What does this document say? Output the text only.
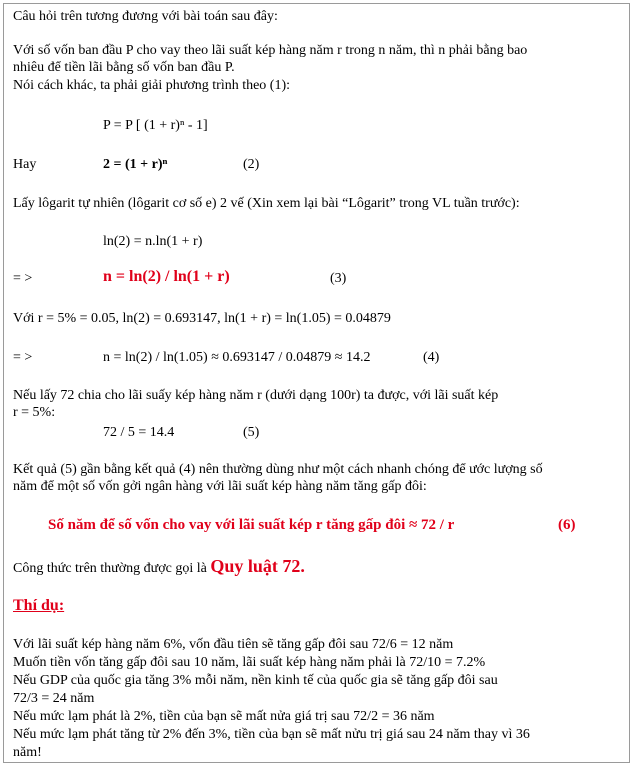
Câu hỏi trên tương đương với bài toán sau đây:
Với số vốn ban đầu P cho vay theo lãi suất kép hàng năm r trong n năm, thì n phải bằng bao
nhiêu để tiền lãi bằng số vốn ban đầu P.
Nói cách khác, ta phải giải phương trình theo (1):
P = P [ (1 + r)ⁿ - 1]
Hay	2 = (1 + r)ⁿ	(2)
Lấy lôgarit tự nhiên (lôgarit cơ số e) 2 vế (Xin xem lại bài “Lôgarit” trong VL tuần trước):
ln(2) = n.ln(1 + r)
= >	n = ln(2) / ln(1 + r)	(3)
Với r = 5% = 0.05, ln(2) = 0.693147, ln(1 + r) = ln(1.05) = 0.04879
= >	n = ln(2) / ln(1.05) ≈ 0.693147 / 0.04879 ≈ 14.2	(4)
Nếu lấy 72 chia cho lãi suấy kép hàng năm r (dưới dạng 100r) ta được, với lãi suất kép
r = 5%:
72 / 5 = 14.4	(5)
Kết quả (5) gần bằng kết quả (4) nên thường dùng như một cách nhanh chóng để ước lượng số
năm để một số vốn gởi ngân hàng với lãi suất kép hàng năm tăng gấp đôi:
Số năm để số vốn cho vay với lãi suất kép r tăng gấp đôi ≈ 72 / r	(6)
Công thức trên thường được gọi là Quy luật 72.
Thí dụ:
Với lãi suất kép hàng năm 6%, vốn đầu tiên sẽ tăng gấp đôi sau 72/6 = 12 năm
Muốn tiền vốn tăng gấp đôi sau 10 năm, lãi suất kép hàng năm phải là 72/10 = 7.2%
Nếu GDP của quốc gia tăng 3% mỗi năm, nền kinh tế của quốc gia sẽ tăng gấp đôi sau
72/3 = 24 năm
Nếu mức lạm phát là 2%, tiền của bạn sẽ mất nửa giá trị sau 72/2 = 36 năm
Nếu mức lạm phát tăng từ 2% đến 3%, tiền của bạn sẽ mất nửu trị giá sau 24 năm thay vì 36
năm!
